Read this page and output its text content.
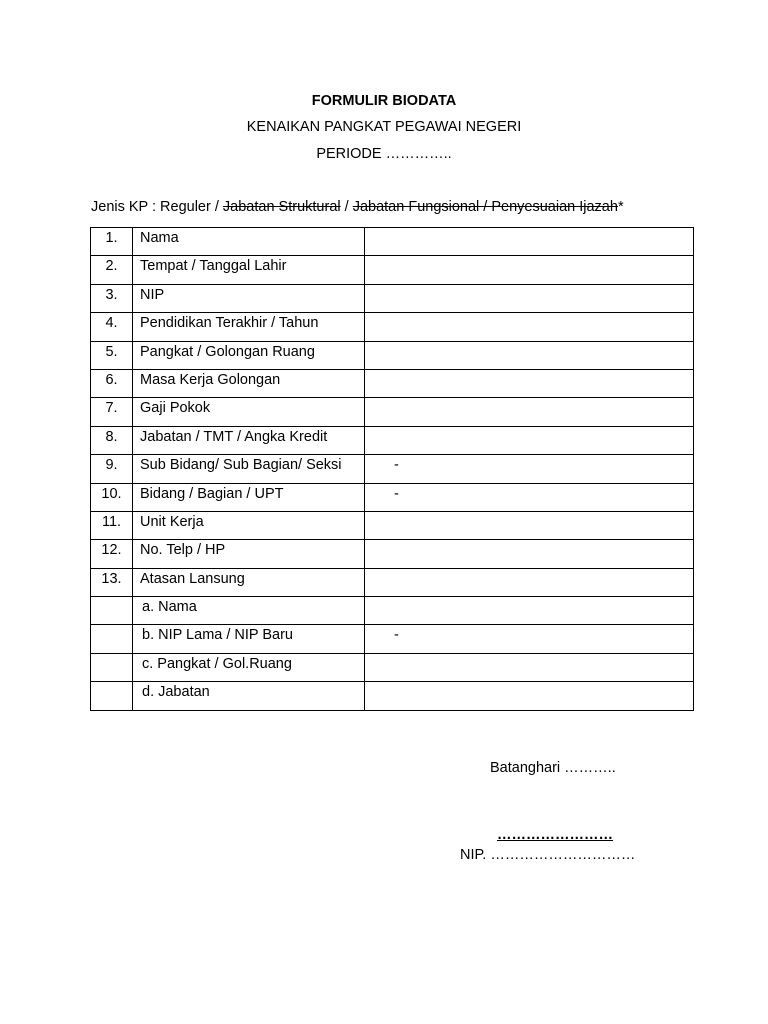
FORMULIR BIODATA
KENAIKAN PANGKAT PEGAWAI NEGERI
PERIODE …………..
Jenis KP : Reguler / Jabatan Struktural / Jabatan Fungsional / Penyesuaian Ijazah*
1.	Nama	
2.	Tempat / Tanggal Lahir	
3.	NIP	
4.	Pendidikan Terakhir / Tahun	
5.	Pangkat / Golongan Ruang	
6.	Masa Kerja Golongan	
7.	Gaji Pokok	
8.	Jabatan / TMT / Angka Kredit	
9.	Sub Bidang/ Sub Bagian/ Seksi	-
10.	Bidang / Bagian / UPT	-
11.	Unit Kerja	
12.	No. Telp / HP	
13.	Atasan Lansung	
	a. Nama	
	b. NIP Lama / NIP Baru	-
	c. Pangkat / Gol.Ruang	
	d. Jabatan	
Batanghari ………..
……………………
NIP. …………………………
